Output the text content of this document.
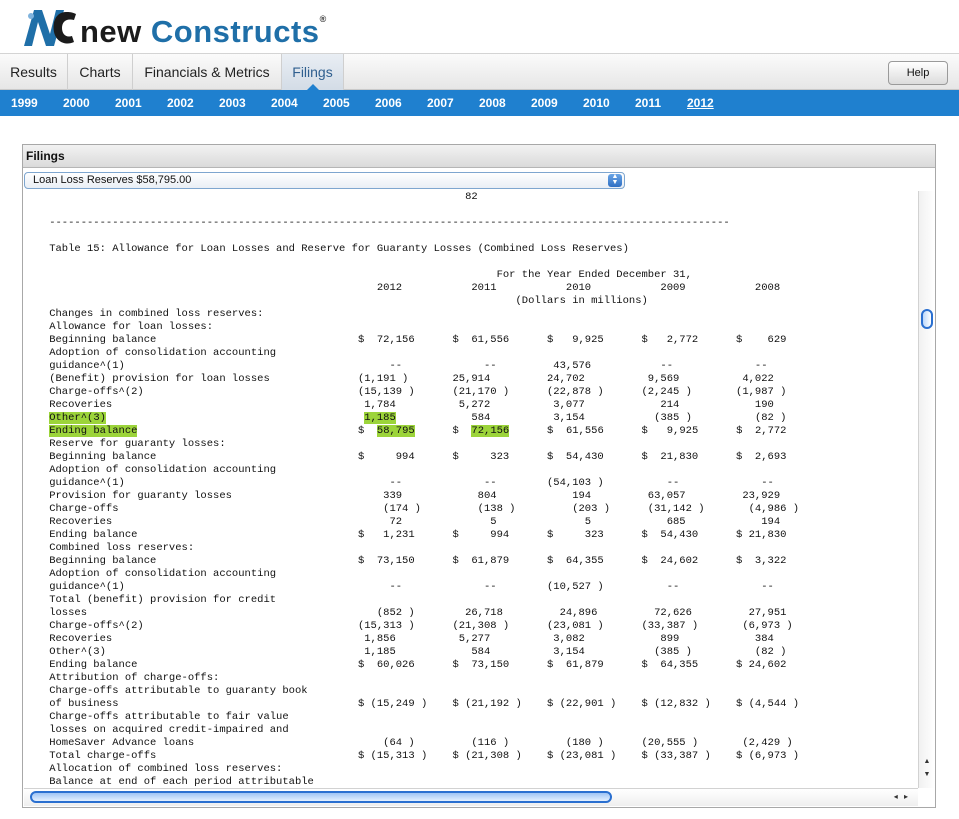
new Constructs®
Results	Charts	Financials & Metrics	Filings	Help
1999 2000 2001 2002 2003 2004 2005 2006 2007 2008 2009 2010 2011 2012
Filings
Loan Loss Reserves $58,795.00	▲
▼
82

------------------------------------------------------------------------------------------------------------

Table 15: Allowance for Loan Losses and Reserve for Guaranty Losses (Combined Loss Reserves)

For the Year Ended December 31,
2012           2011           2010           2009           2008
(Dollars in millions)
Changes in combined loss reserves:
Allowance for loan losses:
Beginning balance                                $  72,156      $  61,556      $   9,925      $   2,772      $    629
Adoption of consolidation accounting
guidance^(1)                                          --             --         43,576           --             --
(Benefit) provision for loan losses              (1,191 )       25,914         24,702          9,569          4,022
Charge-offs^(2)                                  (15,139 )      (21,170 )      (22,878 )      (2,245 )       (1,987 )
Recoveries                                        1,784          5,272          3,077            214            190
Other^(3)	1,185            584          3,154           (385 )          (82 )
Ending balance                                   $  58,795      $  72,156      $  61,556      $   9,925      $  2,772
Reserve for guaranty losses:
Beginning balance                                $     994      $     323      $  54,430      $  21,830      $  2,693
Adoption of consolidation accounting
guidance^(1)                                          --             --        (54,103 )          --             --
Provision for guaranty losses                        339            804            194         63,057         23,929
Charge-offs                                          (174 )         (138 )         (203 )      (31,142 )       (4,986 )
Recoveries                                            72              5              5            685            194
Ending balance                                   $   1,231      $     994      $     323      $  54,430      $ 21,830
Combined loss reserves:
Beginning balance                                $  73,150      $  61,879      $  64,355      $  24,602      $  3,322
Adoption of consolidation accounting
guidance^(1)                                          --             --        (10,527 )          --             --
Total (benefit) provision for credit
losses                                              (852 )        26,718         24,896         72,626         27,951
Charge-offs^(2)                                  (15,313 )      (21,308 )      (23,081 )      (33,387 )       (6,973 )
Recoveries                                        1,856          5,277          3,082            899            384
Other^(3)                                         1,185            584          3,154           (385 )          (82 )
Ending balance                                   $  60,026      $  73,150      $  61,879      $  64,355      $ 24,602
Attribution of charge-offs:
Charge-offs attributable to guaranty book
of business                                      $ (15,249 )    $ (21,192 )    $ (22,901 )    $ (12,832 )    $ (4,544 )
Charge-offs attributable to fair value
losses on acquired credit-impaired and
HomeSaver Advance loans                              (64 )         (116 )         (180 )      (20,555 )       (2,429 )
Total charge-offs                                $ (15,313 )    $ (21,308 )    $ (23,081 )    $ (33,387 )    $ (6,973 )
Allocation of combined loss reserves:
Balance at end of each period attributable

▲
▼
◂ ▸
